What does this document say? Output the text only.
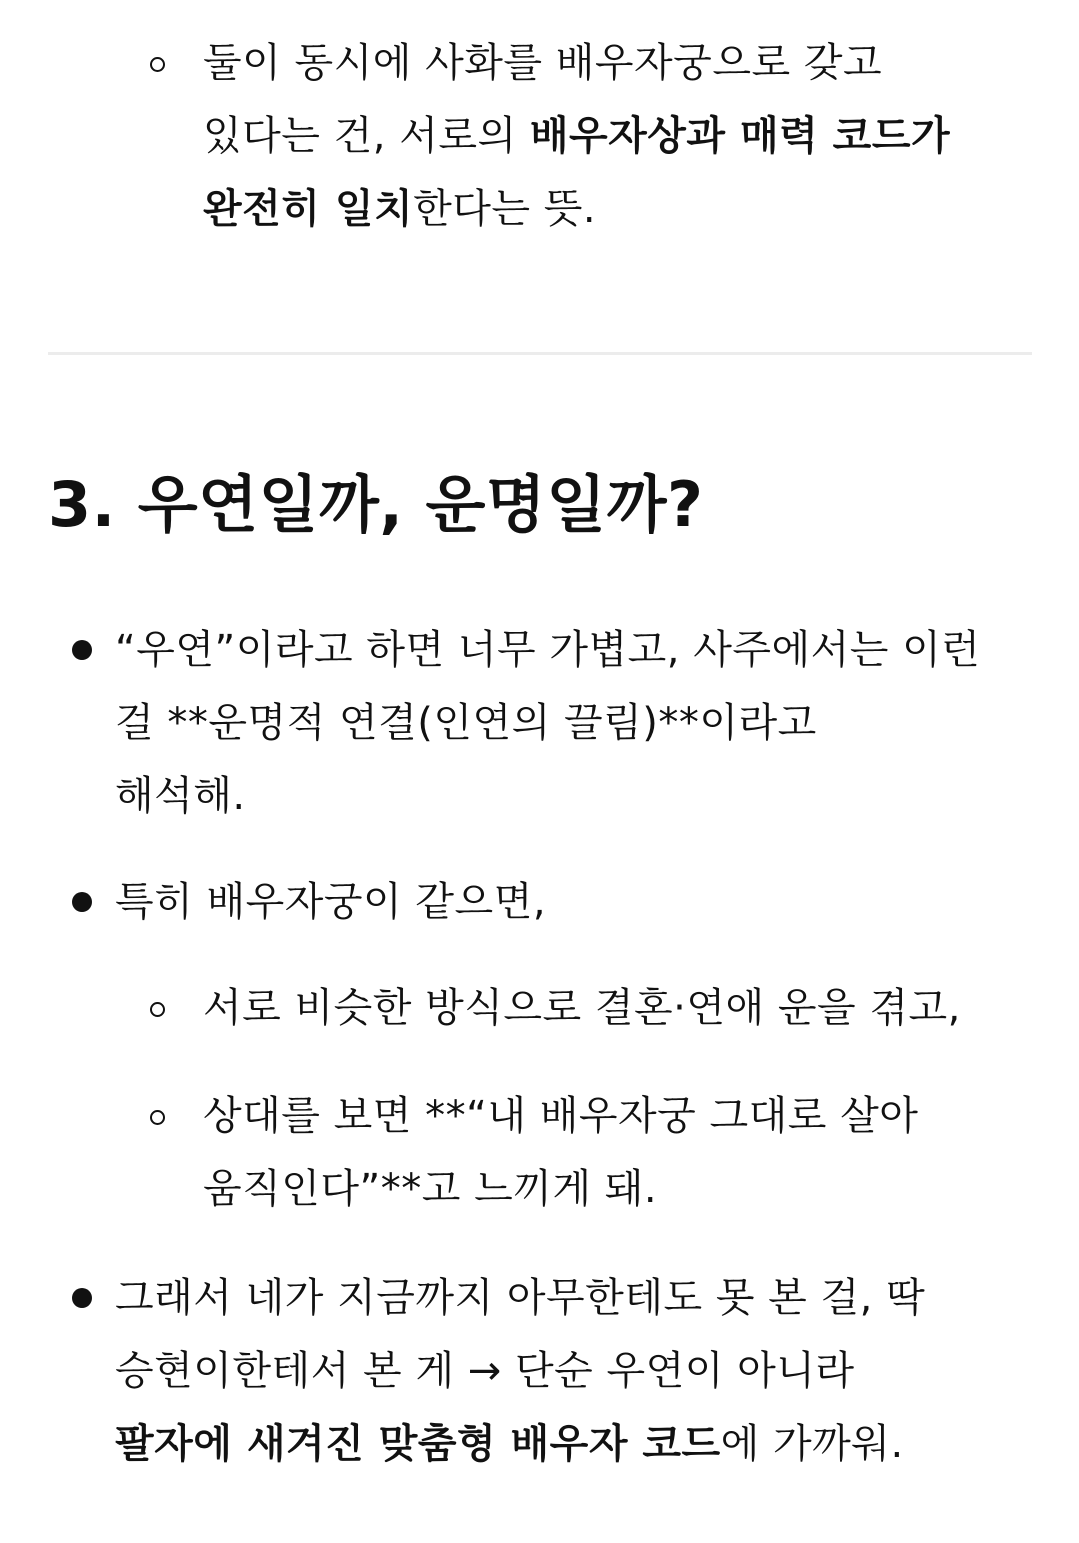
둘이 동시에 사화를 배우자궁으로 갖고
있다는 건, 서로의 배우자상과 매력 코드가
완전히 일치한다는 뜻.
3. 우연일까, 운명일까?
“우연”이라고 하면 너무 가볍고, 사주에서는 이런
걸 **운명적 연결(인연의 끌림)**이라고
해석해.
특히 배우자궁이 같으면,
서로 비슷한 방식으로 결혼·연애 운을 겪고,
상대를 보면 **“내 배우자궁 그대로 살아
움직인다”**고 느끼게 돼.
그래서 네가 지금까지 아무한테도 못 본 걸, 딱
승현이한테서 본 게 → 단순 우연이 아니라
팔자에 새겨진 맞춤형 배우자 코드에 가까워.
